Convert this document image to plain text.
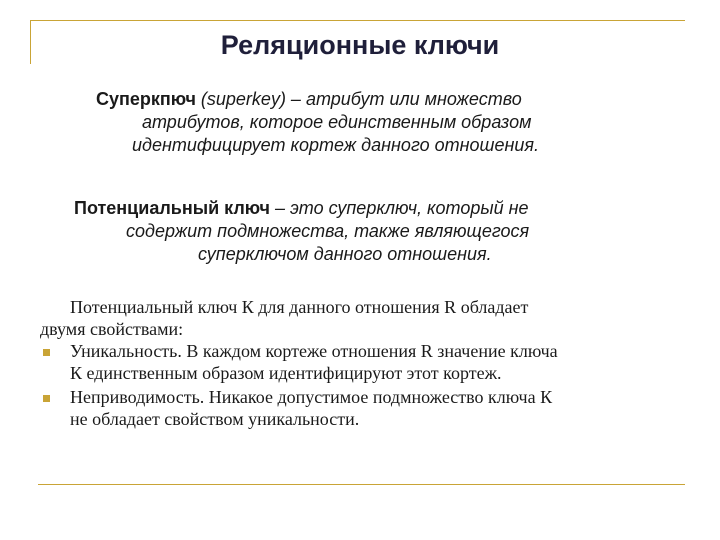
Реляционные ключи
Суперкпюч (superkey) – атрибут или множество
атрибутов, которое единственным образом
идентифицирует кортеж данного отношения.
Потенциальный ключ – это суперключ, который не
содержит подмножества, также являющегося
суперключом данного отношения.
Потенциальный ключ К для данного отношения R обладает
двумя свойствами:
Уникальность. В каждом кортеже отношения R значение ключа
К единственным образом идентифицируют этот кортеж.
Неприводимость. Никакое допустимое подмножество ключа К
не обладает свойством уникальности.
